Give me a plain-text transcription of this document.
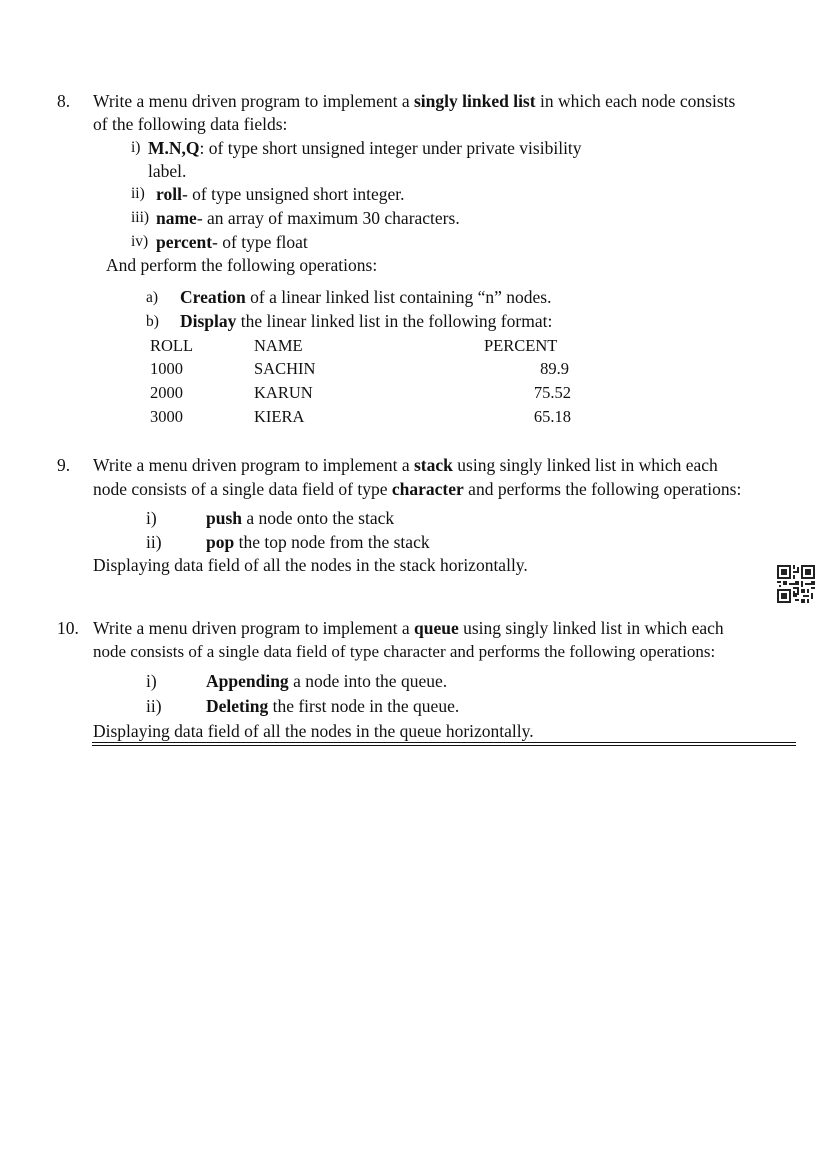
8. Write a menu driven program to implement a singly linked list in which each node consists
of the following data fields:
i) M.N,Q: of type short unsigned integer under private visibility
label.
ii) roll- of type unsigned short integer.
iii) name- an array of maximum 30 characters.
iv) percent- of type float
And perform the following operations:
a) Creation of a linear linked list containing “n” nodes.
b) Display the linear linked list in the following format:
ROLL	NAME	PERCENT
1000	SACHIN	89.9
2000	KARUN	75.52
3000	KIERA	65.18
9. Write a menu driven program to implement a stack using singly linked list in which each
node consists of a single data field of type character and performs the following operations:
i)	push a node onto the stack
ii)	pop the top node from the stack
Displaying data field of all the nodes in the stack horizontally.
10. Write a menu driven program to implement a queue using singly linked list in which each
node consists of a single data field of type character and performs the following operations:
i)	Appending a node into the queue.
ii)	Deleting the first node in the queue.
Displaying data field of all the nodes in the queue horizontally.
